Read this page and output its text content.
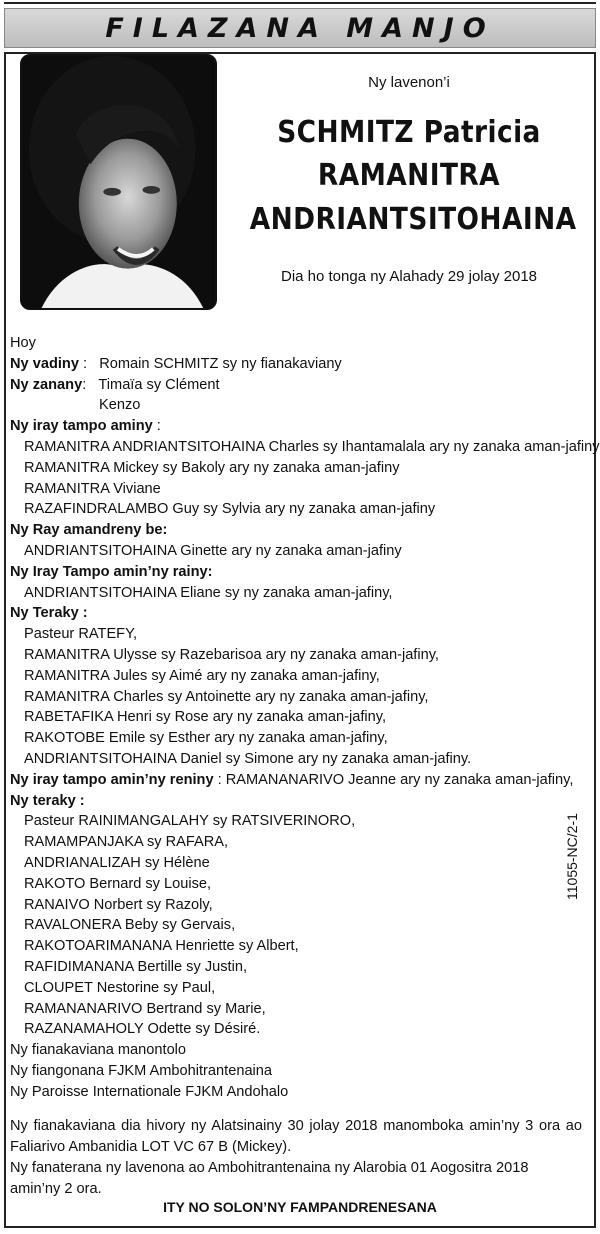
FILAZANA MANJO
Ny lavenon’i
SCHMITZ Patricia
RAMANITRA
ANDRIANTSITOHAINA
Dia ho tonga ny Alahady 29 jolay 2018
Hoy
Ny vadiny : Romain SCHMITZ sy ny fianakaviany
Ny zanany: Timaïa sy Clément
Kenzo
Ny iray tampo aminy :
RAMANITRA ANDRIANTSITOHAINA Charles sy Ihantamalala ary ny zanaka aman-jafiny
RAMANITRA Mickey sy Bakoly ary ny zanaka aman-jafiny
RAMANITRA Viviane
RAZAFINDRALAMBO Guy sy Sylvia ary ny zanaka aman-jafiny
Ny Ray amandreny be:
ANDRIANTSITOHAINA Ginette ary ny zanaka aman-jafiny
Ny Iray Tampo amin’ny rainy:
ANDRIANTSITOHAINA Eliane sy ny zanaka aman-jafiny,
Ny Teraky :
Pasteur RATEFY,
RAMANITRA Ulysse sy Razebarisoa ary ny zanaka aman-jafiny,
RAMANITRA Jules sy Aimé ary ny zanaka aman-jafiny,
RAMANITRA Charles sy Antoinette ary ny zanaka aman-jafiny,
RABETAFIKA Henri sy Rose ary ny zanaka aman-jafiny,
RAKOTOBE Emile sy Esther ary ny zanaka aman-jafiny,
ANDRIANTSITOHAINA Daniel sy Simone ary ny zanaka aman-jafiny.
Ny iray tampo amin’ny reniny : RAMANANARIVO Jeanne ary ny zanaka aman-jafiny,
Ny teraky :
Pasteur RAINIMANGALAHY sy RATSIVERINORO,
RAMAMPANJAKA sy RAFARA,
ANDRIANALIZAH sy Hélène
RAKOTO Bernard sy Louise,
RANAIVO Norbert sy Razoly,
RAVALONERA Beby sy Gervais,
RAKOTOARIMANANA Henriette sy Albert,
RAFIDIMANANA Bertille sy Justin,
CLOUPET Nestorine sy Paul,
RAMANANARIVO Bertrand sy Marie,
RAZANAMAHOLY Odette sy Désiré.
Ny fianakaviana manontolo
Ny fiangonana FJKM Ambohitrantenaina
Ny Paroisse Internationale FJKM Andohalo
11055-NC/2-1
Ny fianakaviana dia hivory ny Alatsinainy 30 jolay 2018 manomboka amin’ny 3 ora ao Faliarivo Ambanidia LOT VC 67 B (Mickey).
Ny fanaterana ny lavenona ao Ambohitrantenaina ny Alarobia 01 Aogositra 2018
amin’ny 2 ora.
ITY NO SOLON’NY FAMPANDRENESANA
